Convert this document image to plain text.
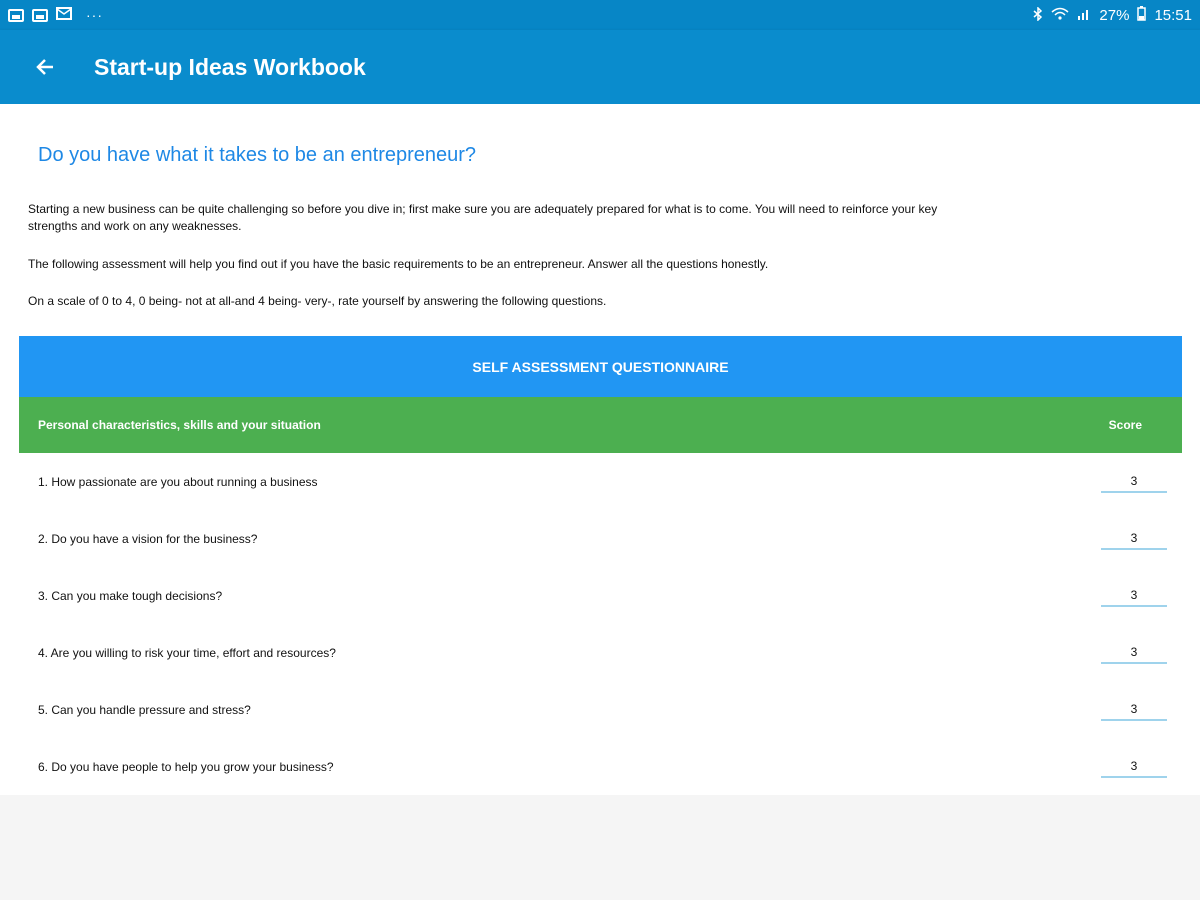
···	27% 15:51
Start-up Ideas Workbook
Do you have what it takes to be an entrepreneur?

Starting a new business can be quite challenging so before you dive in; first make sure you are adequately prepared for what is to come. You will need to reinforce your key strengths and work on any weaknesses.

The following assessment will help you find out if you have the basic requirements to be an entrepreneur. Answer all the questions honestly.

On a scale of 0 to 4, 0 being- not at all-and 4 being- very-, rate yourself by answering the following questions.

SELF ASSESSMENT QUESTIONNAIRE
Personal characteristics, skills and your situation	Score
1. How passionate are you about running a business
3
2. Do you have a vision for the business?
3
3. Can you make tough decisions?
3
4. Are you willing to risk your time, effort and resources?
3
5. Can you handle pressure and stress?
3
6. Do you have people to help you grow your business?
3
